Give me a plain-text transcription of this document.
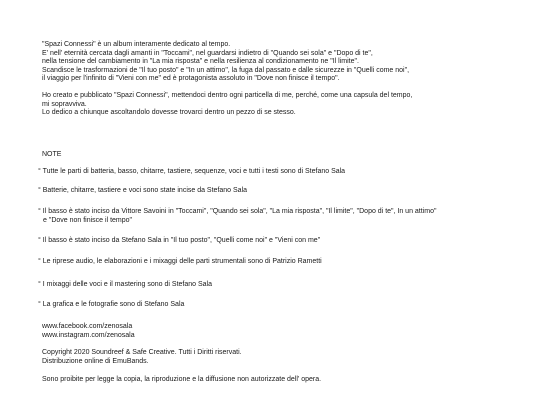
"Spazi Connessi" è un album interamente dedicato al tempo.
E' nell' eternità cercata dagli amanti in "Toccami", nel guardarsi indietro di "Quando sei sola" e "Dopo di te",
nella tensione del cambiamento in "La mia risposta" e nella resilienza al condizionamento ne "Il limite".
Scandisce le trasformazioni de "Il tuo posto" e "In un attimo", la fuga dal passato e dalle sicurezze in "Quelli come noi",
il viaggio per l'infinito di "Vieni con me" ed è protagonista assoluto in "Dove non finisce il tempo".
Ho creato e pubblicato "Spazi Connessi", mettendoci dentro ogni particella di me, perché, come una capsula del tempo,
mi sopravviva.
Lo dedico a chiunque ascoltandolo dovesse trovarci dentro un pezzo di se stesso.
NOTE
° Tutte le parti di batteria, basso, chitarre, tastiere, sequenze, voci e tutti i testi sono di Stefano Sala
° Batterie, chitarre, tastiere e voci sono state incise da Stefano Sala
° Il basso è stato inciso da Vittore Savoini in "Toccami", "Quando sei sola", "La mia risposta", "Il limite", "Dopo di te", In un attimo"
e "Dove non finisce il tempo"
° Il basso è stato inciso da Stefano Sala in "Il tuo posto", "Quelli come noi" e "Vieni con me"
° Le riprese audio, le elaborazioni e i mixaggi delle parti strumentali sono di Patrizio Rametti
° I mixaggi delle voci e il mastering sono di Stefano Sala
° La grafica e le fotografie sono di Stefano Sala
www.facebook.com/zenosala
www.instagram.com/zenosala
Copyright 2020 Soundreef & Safe Creative. Tutti i Diritti riservati.
Distribuzione online di EmuBands.
Sono proibite per legge la copia, la riproduzione e la diffusione non autorizzate dell' opera.
